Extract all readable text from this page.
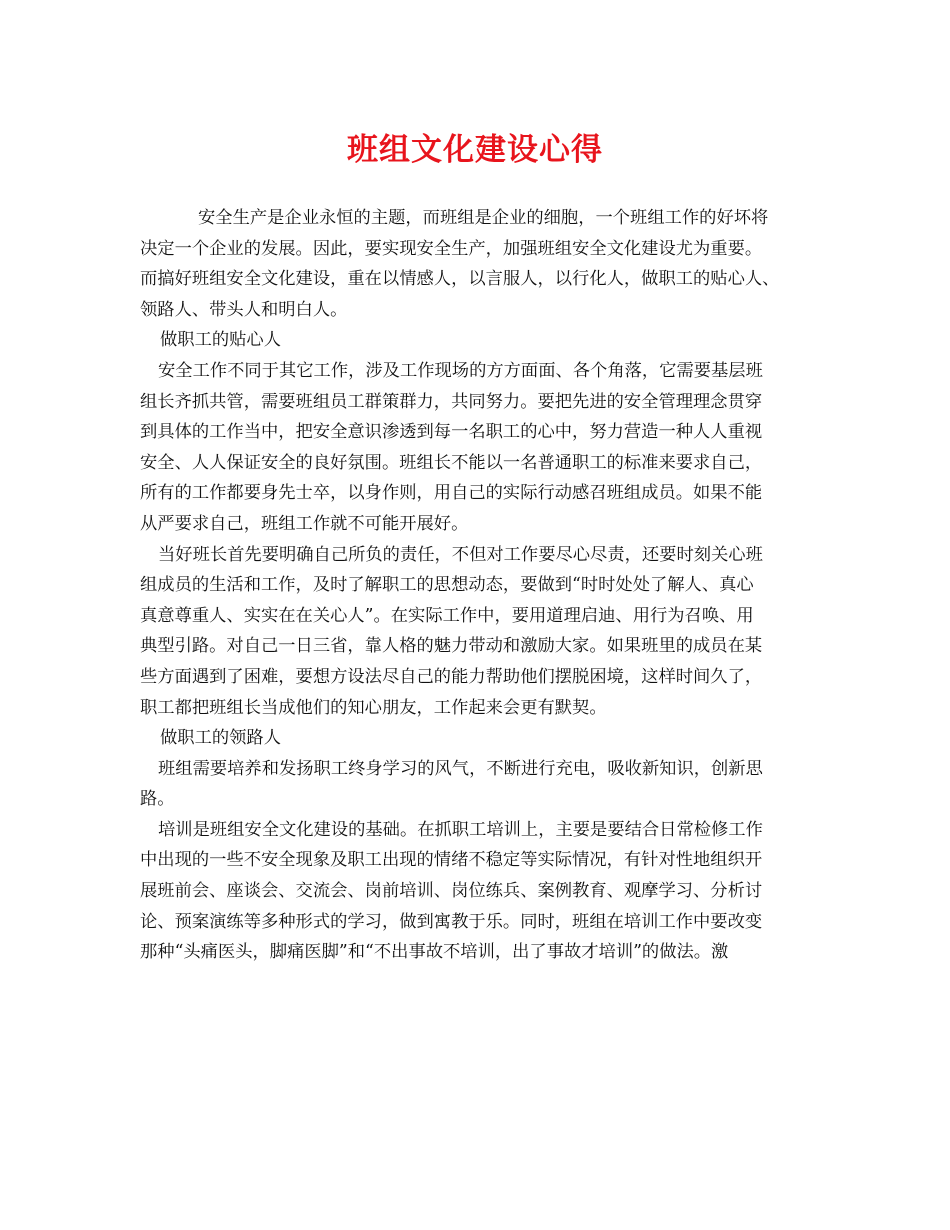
班组文化建设心得
安全生产是企业永恒的主题，而班组是企业的细胞，一个班组工作的好坏将
决定一个企业的发展。因此，要实现安全生产，加强班组安全文化建设尤为重要。
而搞好班组安全文化建设，重在以情感人，以言服人，以行化人，做职工的贴心人、
领路人、带头人和明白人。
做职工的贴心人
安全工作不同于其它工作，涉及工作现场的方方面面、各个角落，它需要基层班
组长齐抓共管，需要班组员工群策群力，共同努力。要把先进的安全管理理念贯穿
到具体的工作当中，把安全意识渗透到每一名职工的心中，努力营造一种人人重视
安全、人人保证安全的良好氛围。班组长不能以一名普通职工的标准来要求自己，
所有的工作都要身先士卒，以身作则，用自己的实际行动感召班组成员。如果不能
从严要求自己，班组工作就不可能开展好。
当好班长首先要明确自己所负的责任，不但对工作要尽心尽责，还要时刻关心班
组成员的生活和工作，及时了解职工的思想动态，要做到“时时处处了解人、真心
真意尊重人、实实在在关心人”。在实际工作中，要用道理启迪、用行为召唤、用
典型引路。对自己一日三省，靠人格的魅力带动和激励大家。如果班里的成员在某
些方面遇到了困难，要想方设法尽自己的能力帮助他们摆脱困境，这样时间久了，
职工都把班组长当成他们的知心朋友，工作起来会更有默契。
做职工的领路人
班组需要培养和发扬职工终身学习的风气，不断进行充电，吸收新知识，创新思
路。
培训是班组安全文化建设的基础。在抓职工培训上，主要是要结合日常检修工作
中出现的一些不安全现象及职工出现的情绪不稳定等实际情况，有针对性地组织开
展班前会、座谈会、交流会、岗前培训、岗位练兵、案例教育、观摩学习、分析讨
论、预案演练等多种形式的学习，做到寓教于乐。同时，班组在培训工作中要改变
那种“头痛医头，脚痛医脚”和“不出事故不培训，出了事故才培训”的做法。激
